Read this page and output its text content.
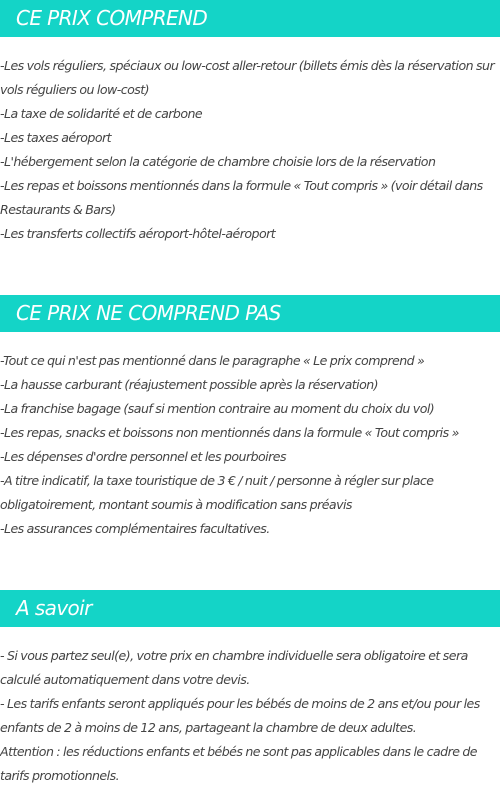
CE PRIX COMPREND
-Les vols réguliers, spéciaux ou low-cost aller-retour (billets émis dès la réservation sur vols réguliers ou low-cost)
-La taxe de solidarité et de carbone
-Les taxes aéroport
-L'hébergement selon la catégorie de chambre choisie lors de la réservation
-Les repas et boissons mentionnés dans la formule « Tout compris » (voir détail dans Restaurants & Bars)
-Les transferts collectifs aéroport-hôtel-aéroport
CE PRIX NE COMPREND PAS
-Tout ce qui n'est pas mentionné dans le paragraphe « Le prix comprend »
-La hausse carburant (réajustement possible après la réservation)
-La franchise bagage (sauf si mention contraire au moment du choix du vol)
-Les repas, snacks et boissons non mentionnés dans la formule « Tout compris »
-Les dépenses d'ordre personnel et les pourboires
-A titre indicatif, la taxe touristique de 3 € / nuit / personne à régler sur place obligatoirement, montant soumis à modification sans préavis
-Les assurances complémentaires facultatives.
A savoir
- Si vous partez seul(e), votre prix en chambre individuelle sera obligatoire et sera calculé automatiquement dans votre devis.
- Les tarifs enfants seront appliqués pour les bébés de moins de 2 ans et/ou pour les enfants de 2 à moins de 12 ans, partageant la chambre de deux adultes.
Attention : les réductions enfants et bébés ne sont pas applicables dans le cadre de tarifs promotionnels.
